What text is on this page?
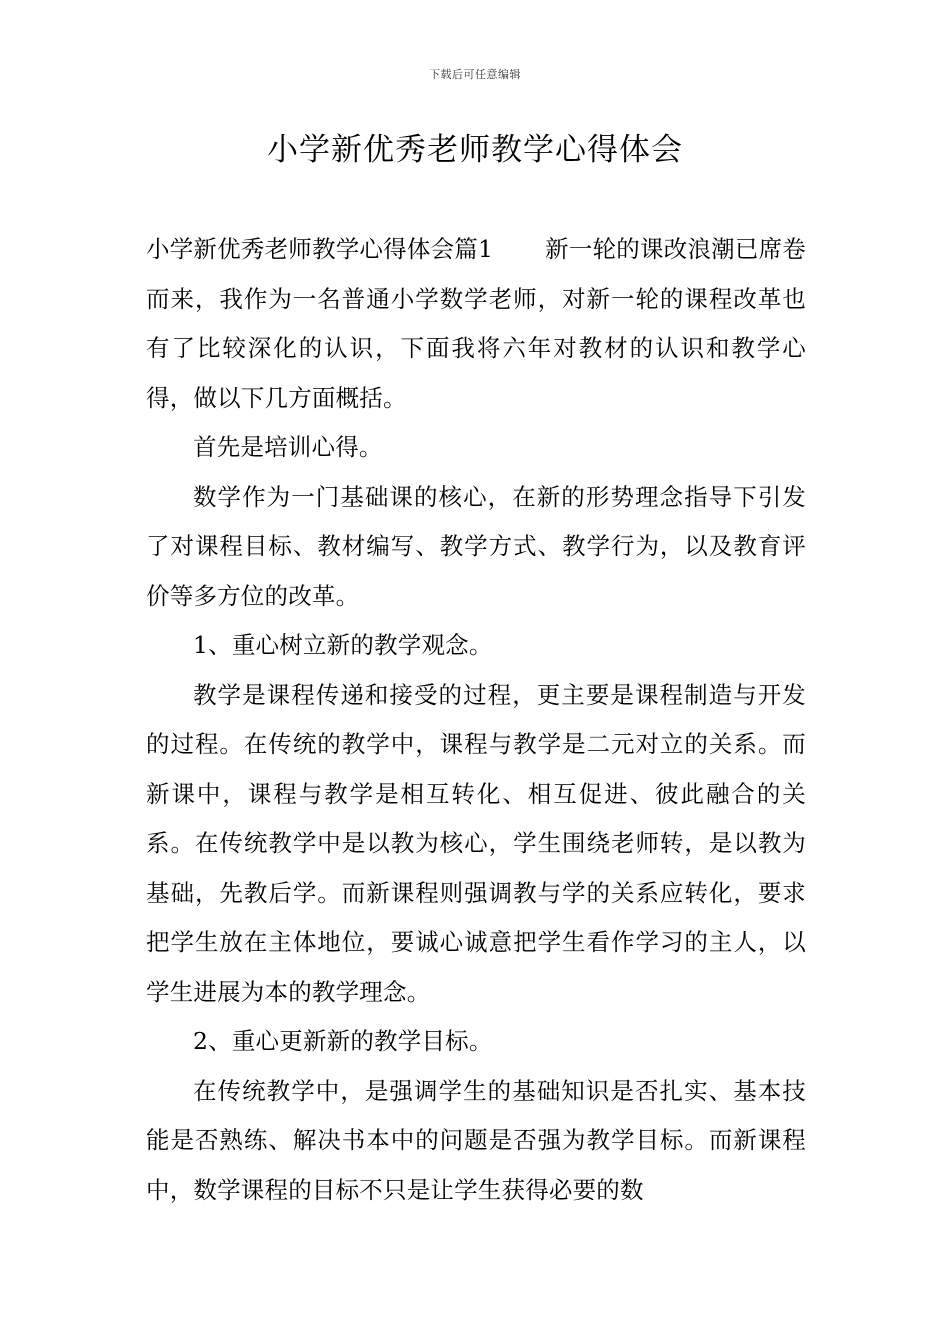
下载后可任意编辑
小学新优秀老师教学心得体会

小学新优秀老师教学心得体会篇1 新一轮的课改浪潮已席卷而来，我作为一名普通小学数学老师，对新一轮的课程改革也有了比较深化的认识，下面我将六年对教材的认识和教学心得，做以下几方面概括。

首先是培训心得。

数学作为一门基础课的核心，在新的形势理念指导下引发了对课程目标、教材编写、教学方式、教学行为，以及教育评价等多方位的改革。

1、重心树立新的教学观念。

教学是课程传递和接受的过程，更主要是课程制造与开发的过程。在传统的教学中，课程与教学是二元对立的关系。而新课中，课程与教学是相互转化、相互促进、彼此融合的关系。在传统教学中是以教为核心，学生围绕老师转，是以教为基础，先教后学。而新课程则强调教与学的关系应转化，要求把学生放在主体地位，要诚心诚意把学生看作学习的主人，以学生进展为本的教学理念。

2、重心更新新的教学目标。

在传统教学中，是强调学生的基础知识是否扎实、基本技能是否熟练、解决书本中的问题是否强为教学目标。而新课程中，数学课程的目标不只是让学生获得必要的数
